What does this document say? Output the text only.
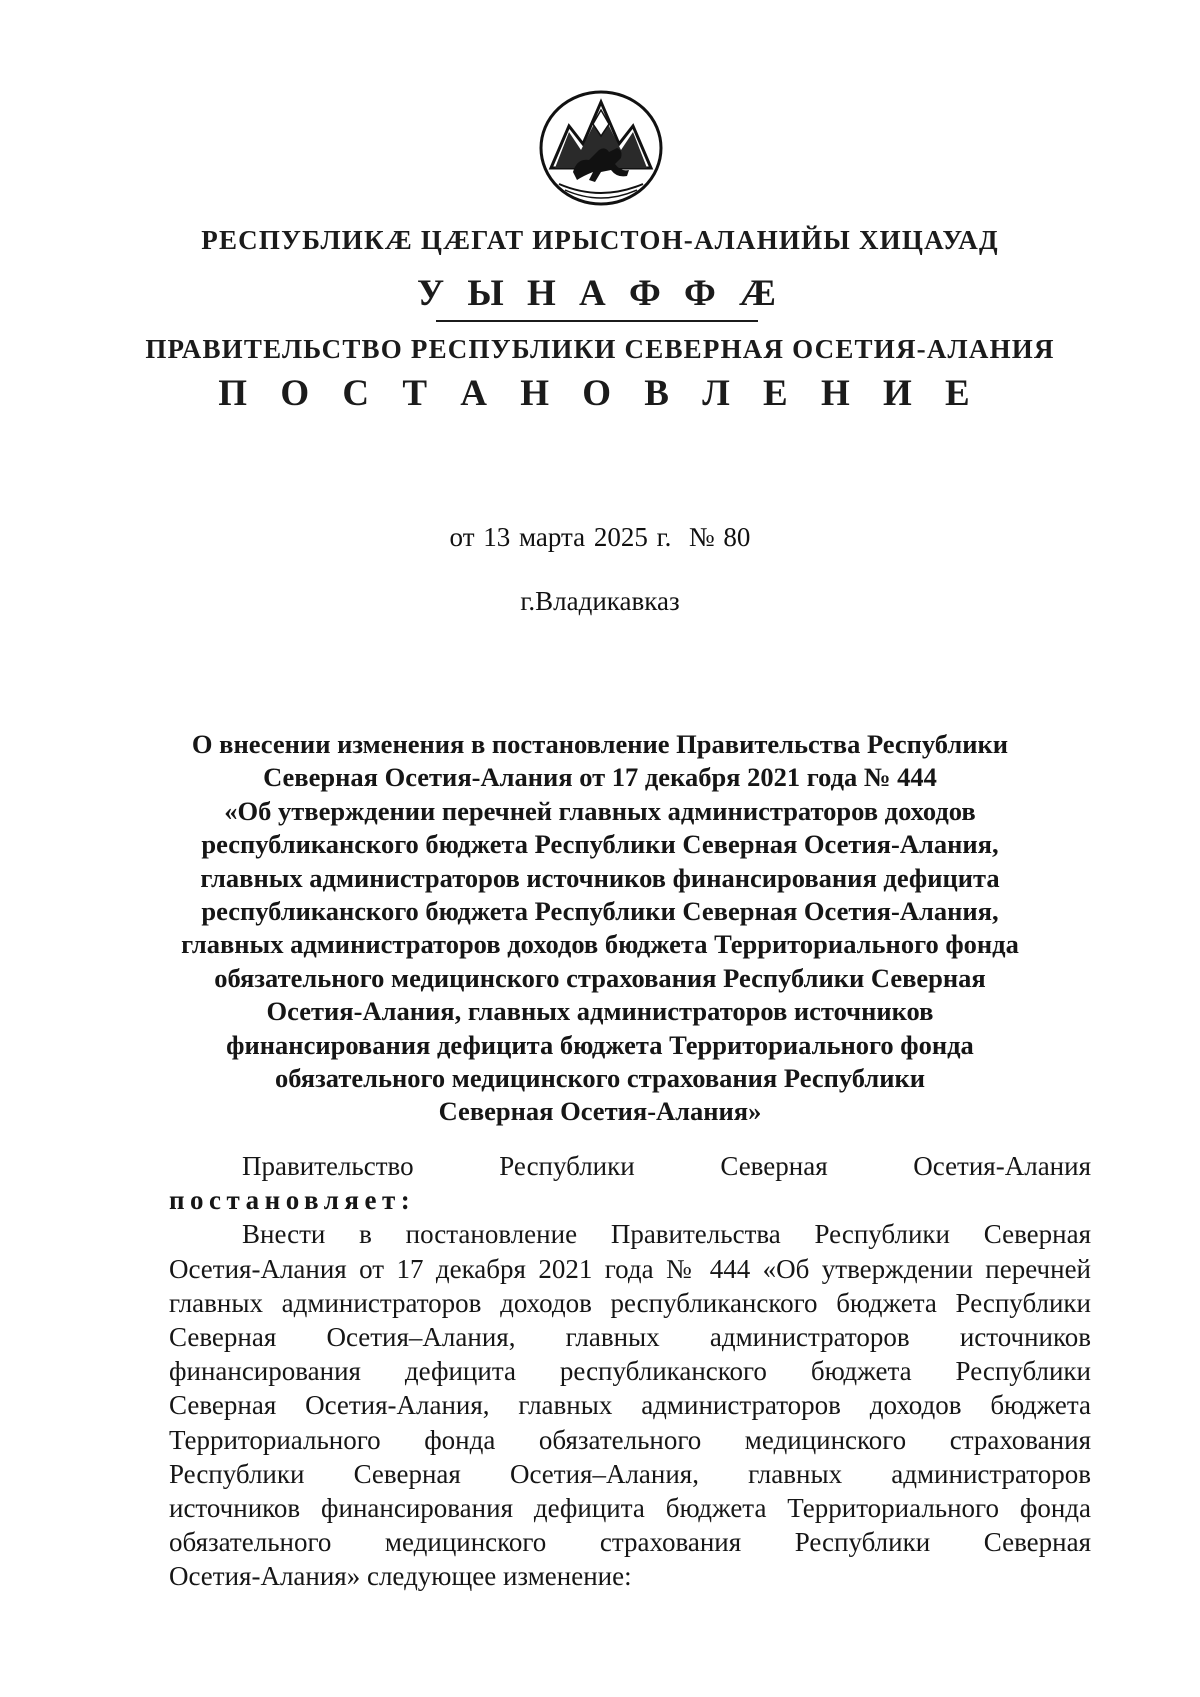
РЕСПУБЛИКÆ ЦÆГАТ ИРЫСТОН-АЛАНИЙЫ ХИЦАУАД
У Ы Н А Ф Ф Æ
ПРАВИТЕЛЬСТВО РЕСПУБЛИКИ СЕВЕРНАЯ ОСЕТИЯ-АЛАНИЯ
П О С Т А Н О В Л Е Н И Е
от 13 марта 2025 г. № 80
г.Владикавказ
О внесении изменения в постановление Правительства Республики
Северная Осетия-Алания от 17 декабря 2021 года № 444
«Об утверждении перечней главных администраторов доходов
республиканского бюджета Республики Северная Осетия-Алания,
главных администраторов источников финансирования дефицита
республиканского бюджета Республики Северная Осетия-Алания,
главных администраторов доходов бюджета Территориального фонда
обязательного медицинского страхования Республики Северная
Осетия-Алания, главных администраторов источников
финансирования дефицита бюджета Территориального фонда
обязательного медицинского страхования Республики
Северная Осетия-Алания»
Правительство Республики Северная Осетия-Алания
постановляет:
Внести в постановление Правительства Республики Северная
Осетия-Алания от 17 декабря 2021 года № 444 «Об утверждении перечней
главных администраторов доходов республиканского бюджета Республики
Северная Осетия–Алания, главных администраторов источников
финансирования дефицита республиканского бюджета Республики
Северная Осетия-Алания, главных администраторов доходов бюджета
Территориального фонда обязательного медицинского страхования
Республики Северная Осетия–Алания, главных администраторов
источников финансирования дефицита бюджета Территориального фонда
обязательного медицинского страхования Республики Северная
Осетия-Алания» следующее изменение:
